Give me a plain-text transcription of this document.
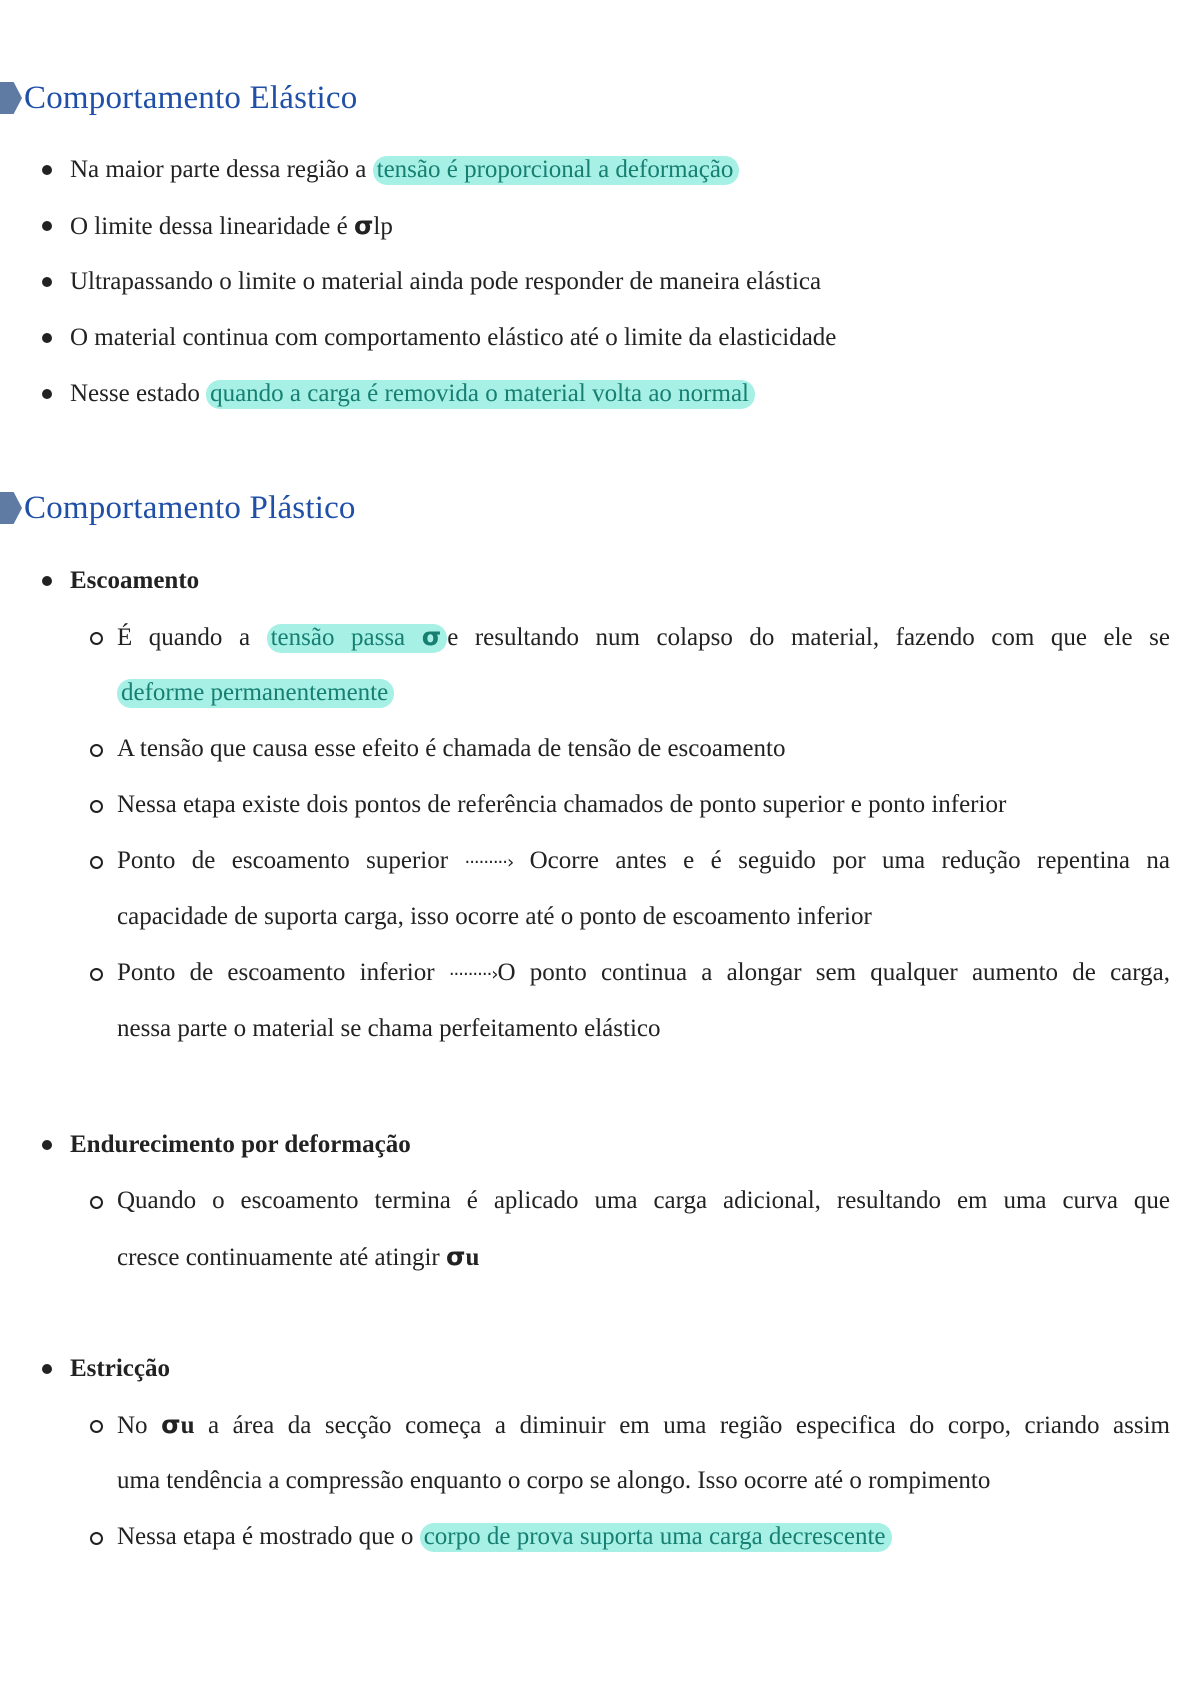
Comportamento Elástico
Na maior parte dessa região a tensão é proporcional a deformação
O limite dessa linearidade é σlp
Ultrapassando o limite o material ainda pode responder de maneira elástica
O material continua com comportamento elástico até o limite da elasticidade
Nesse estado quando a carga é removida o material volta ao normal
Comportamento Plástico
Escoamento
É quando a tensão passa σ e resultando num colapso do material, fazendo com que ele se
deforme permanentemente
A tensão que causa esse efeito é chamada de tensão de escoamento
Nessa etapa existe dois pontos de referência chamados de ponto superior e ponto inferior
Ponto de escoamento superior ·········› Ocorre antes e é seguido por uma redução repentina na
capacidade de suporta carga, isso ocorre até o ponto de escoamento inferior
Ponto de escoamento inferior ·········›O ponto continua a alongar sem qualquer aumento de carga,
nessa parte o material se chama perfeitamento elástico
Endurecimento por deformação
Quando o escoamento termina é aplicado uma carga adicional, resultando em uma curva que
cresce continuamente até atingir σu
Estricção
No σu a área da secção começa a diminuir em uma região especifica do corpo, criando assim
uma tendência a compressão enquanto o corpo se alongo. Isso ocorre até o rompimento
Nessa etapa é mostrado que o corpo de prova suporta uma carga decrescente
